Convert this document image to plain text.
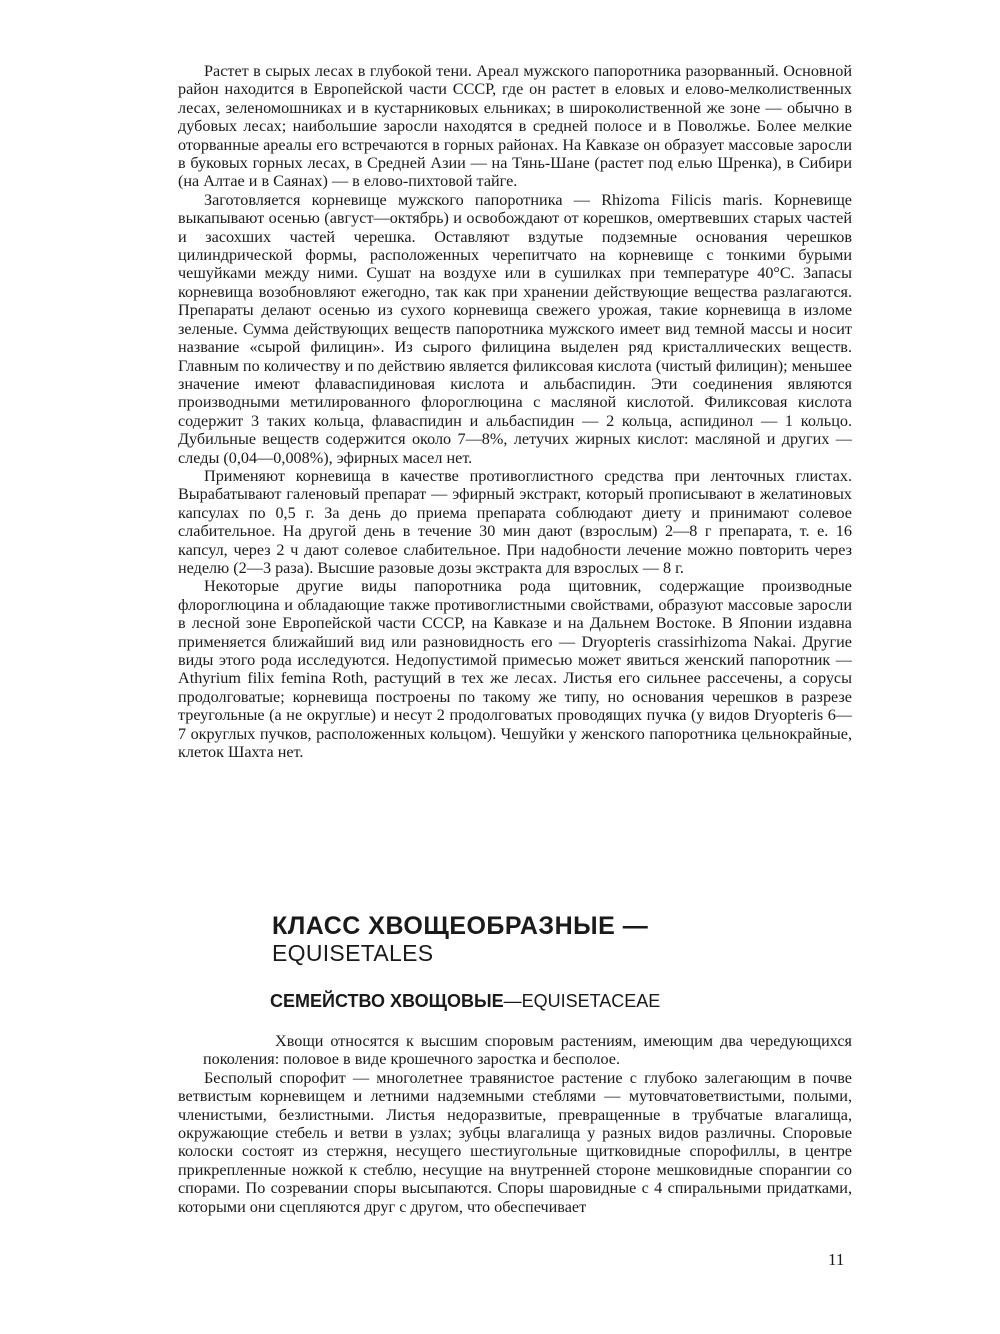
Растет в сырых лесах в глубокой тени. Ареал мужского папоротника разорванный. Основной район находится в Европейской части СССР, где он растет в еловых и елово-мелколиственных лесах, зеленомошниках и в кустарниковых ельниках; в широколиственной же зоне — обычно в дубовых лесах; наибольшие заросли находятся в средней полосе и в Поволжье. Более мелкие оторванные ареалы его встречаются в горных районах. На Кавказе он образует массовые заросли в буковых горных лесах, в Средней Азии — на Тянь-Шане (растет под елью Шренка), в Сибири (на Алтае и в Саянах) — в елово-пихтовой тайге.

Заготовляется корневище мужского папоротника — Rhizoma Filicis maris. Корневище выкапывают осенью (август—октябрь) и освобождают от корешков, омертвевших старых частей и засохших частей черешка. Оставляют вздутые подземные основания черешков цилиндрической формы, расположенных черепитчато на корневище с тонкими бурыми чешуйками между ними. Сушат на воздухе или в сушилках при температуре 40°С. Запасы корневища возобновляют ежегодно, так как при хранении действующие вещества разлагаются. Препараты делают осенью из сухого корневища свежего урожая, такие корневища в изломе зеленые. Сумма действующих веществ папоротника мужского имеет вид темной массы и носит название «сырой филицин». Из сырого филицина выделен ряд кристаллических веществ. Главным по количеству и по действию является филиксовая кислота (чистый филицин); меньшее значение имеют флаваспидиновая кислота и альбаспидин. Эти соединения являются производными метилированного флороглюцина с масляной кислотой. Филиксовая кислота содержит 3 таких кольца, флаваспидин и альбаспидин — 2 кольца, аспидинол — 1 кольцо. Дубильные веществ содержится около 7—8%, летучих жирных кислот: масляной и других — следы (0,04—0,008%), эфирных масел нет.

Применяют корневища в качестве противоглистного средства при ленточных глистах. Вырабатывают галеновый препарат — эфирный экстракт, который прописывают в желатиновых капсулах по 0,5 г. За день до приема препарата соблюдают диету и принимают солевое слабительное. На другой день в течение 30 мин дают (взрослым) 2—8 г препарата, т. е. 16 капсул, через 2 ч дают солевое слабительное. При надобности лечение можно повторить через неделю (2—3 раза). Высшие разовые дозы экстракта для взрослых — 8 г.

Некоторые другие виды папоротника рода щитовник, содержащие производные флороглюцина и обладающие также противоглистными свойствами, образуют массовые заросли в лесной зоне Европейской части СССР, на Кавказе и на Дальнем Востоке. В Японии издавна применяется ближайший вид или разновидность его — Dryopteris crassirhizoma Nakai. Другие виды этого рода исследуются. Недопустимой примесью может явиться женский папоротник — Athyrium filix femina Roth, растущий в тех же лесах. Листья его сильнее рассечены, а сорусы продолговатые; корневища построены по такому же типу, но основания черешков в разрезе треугольные (а не округлые) и несут 2 продолговатых проводящих пучка (у видов Dryopteris 6—7 округлых пучков, расположенных кольцом). Чешуйки у женского папоротника цельнокрайные, клеток Шахта нет.

КЛАСС ХВОЩЕОБРАЗНЫЕ —
EQUISETALES
СЕМЕЙСТВО ХВОЩОВЫЕ—EQUISETACEAE

Хвощи относятся к высшим споровым растениям, имеющим два чередующихся поколения: половое в виде крошечного заростка и бесполое.

Бесполый спорофит — многолетнее травянистое растение с глубоко залегающим в почве ветвистым корневищем и летними надземными стеблями — мутовчатоветвистыми, полыми, членистыми, безлистными. Листья недоразвитые, превращенные в трубчатые влагалища, окружающие стебель и ветви в узлах; зубцы влагалища у разных видов различны. Споровые колоски состоят из стержня, несущего шестиугольные щитковидные спорофиллы, в центре прикрепленные ножкой к стеблю, несущие на внутренней стороне мешковидные спорангии со спорами. По созревании споры высыпаются. Споры шаровидные с 4 спиральными придатками, которыми они сцепляются друг с другом, что обеспечивает

11
